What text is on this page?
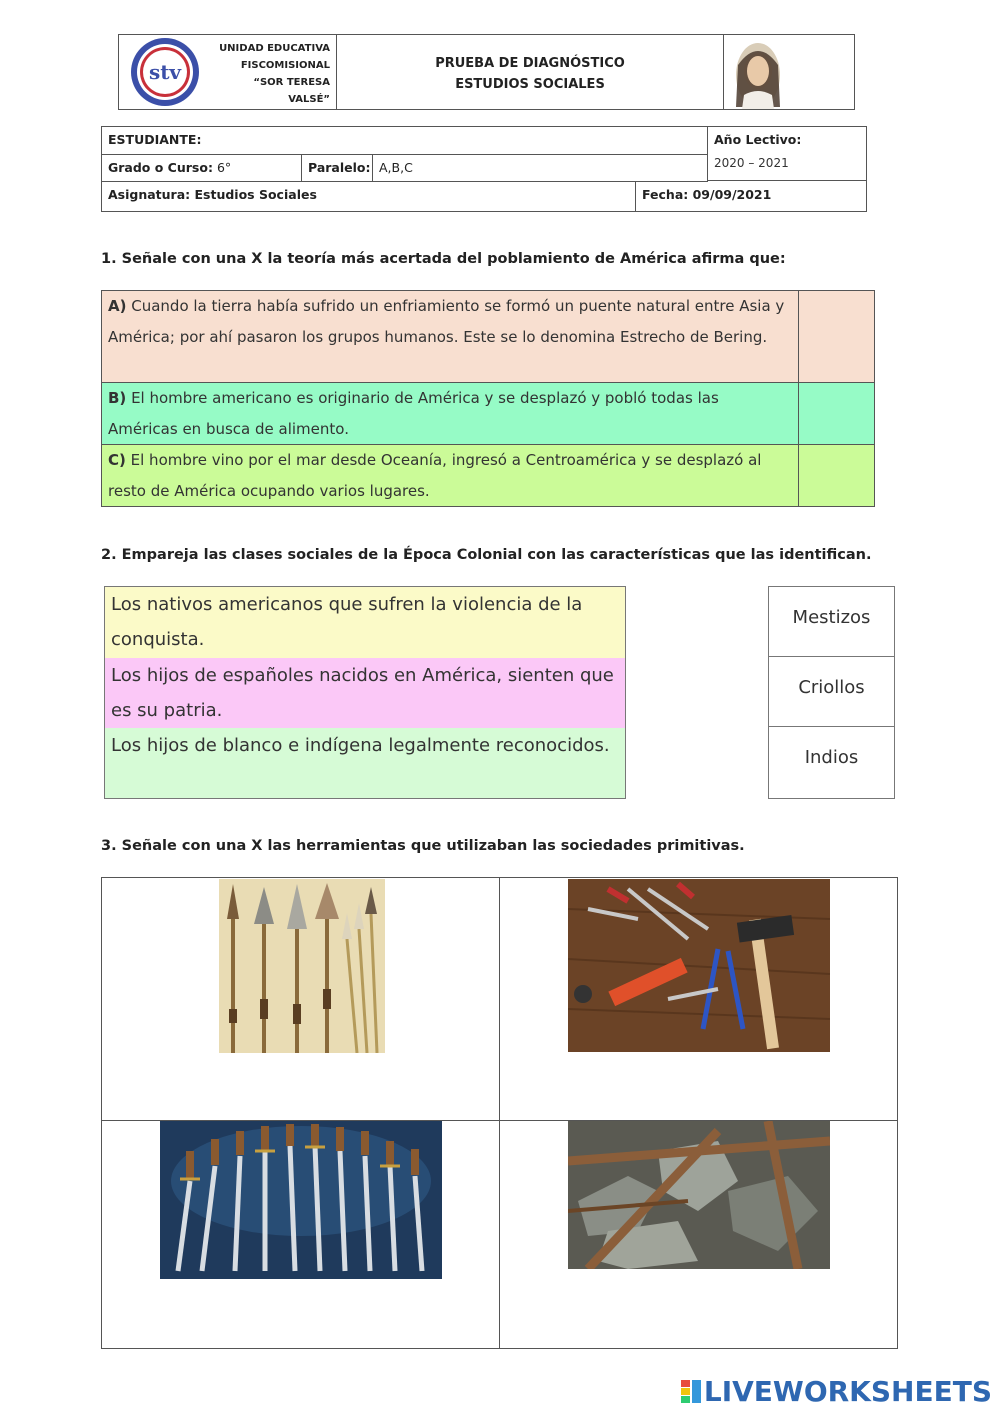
stv
UNIDAD EDUCATIVA
FISCOMISIONAL
“SOR TERESA VALSÉ”
PRUEBA DE DIAGNÓSTICO
ESTUDIOS SOCIALES
ESTUDIANTE:	Año Lectivo:
2020 – 2021
Grado o Curso: 6°	Paralelo: A,B,C
Asignatura: Estudios Sociales	Fecha: 09/09/2021
1. Señale con una X la teoría más acertada del poblamiento de América afirma que:
A) Cuando la tierra había sufrido un enfriamiento se formó un puente natural entre Asia y América; por ahí pasaron los grupos humanos. Este se lo denomina Estrecho de Bering.
B) El hombre americano es originario de América y se desplazó y pobló todas las Américas en busca de alimento.
C) El hombre vino por el mar desde Oceanía, ingresó a Centroamérica y se desplazó al resto de América ocupando varios lugares.
2. Empareja las clases sociales de la Época Colonial con las características que las identifican.
Los nativos americanos que sufren la violencia de la conquista.
Los hijos de españoles nacidos en América, sienten que es su patria.
Los hijos de blanco e indígena legalmente reconocidos.
Mestizos
Criollos
Indios
3. Señale con una X las herramientas que utilizaban las sociedades primitivas.
LIVEWORKSHEETS
